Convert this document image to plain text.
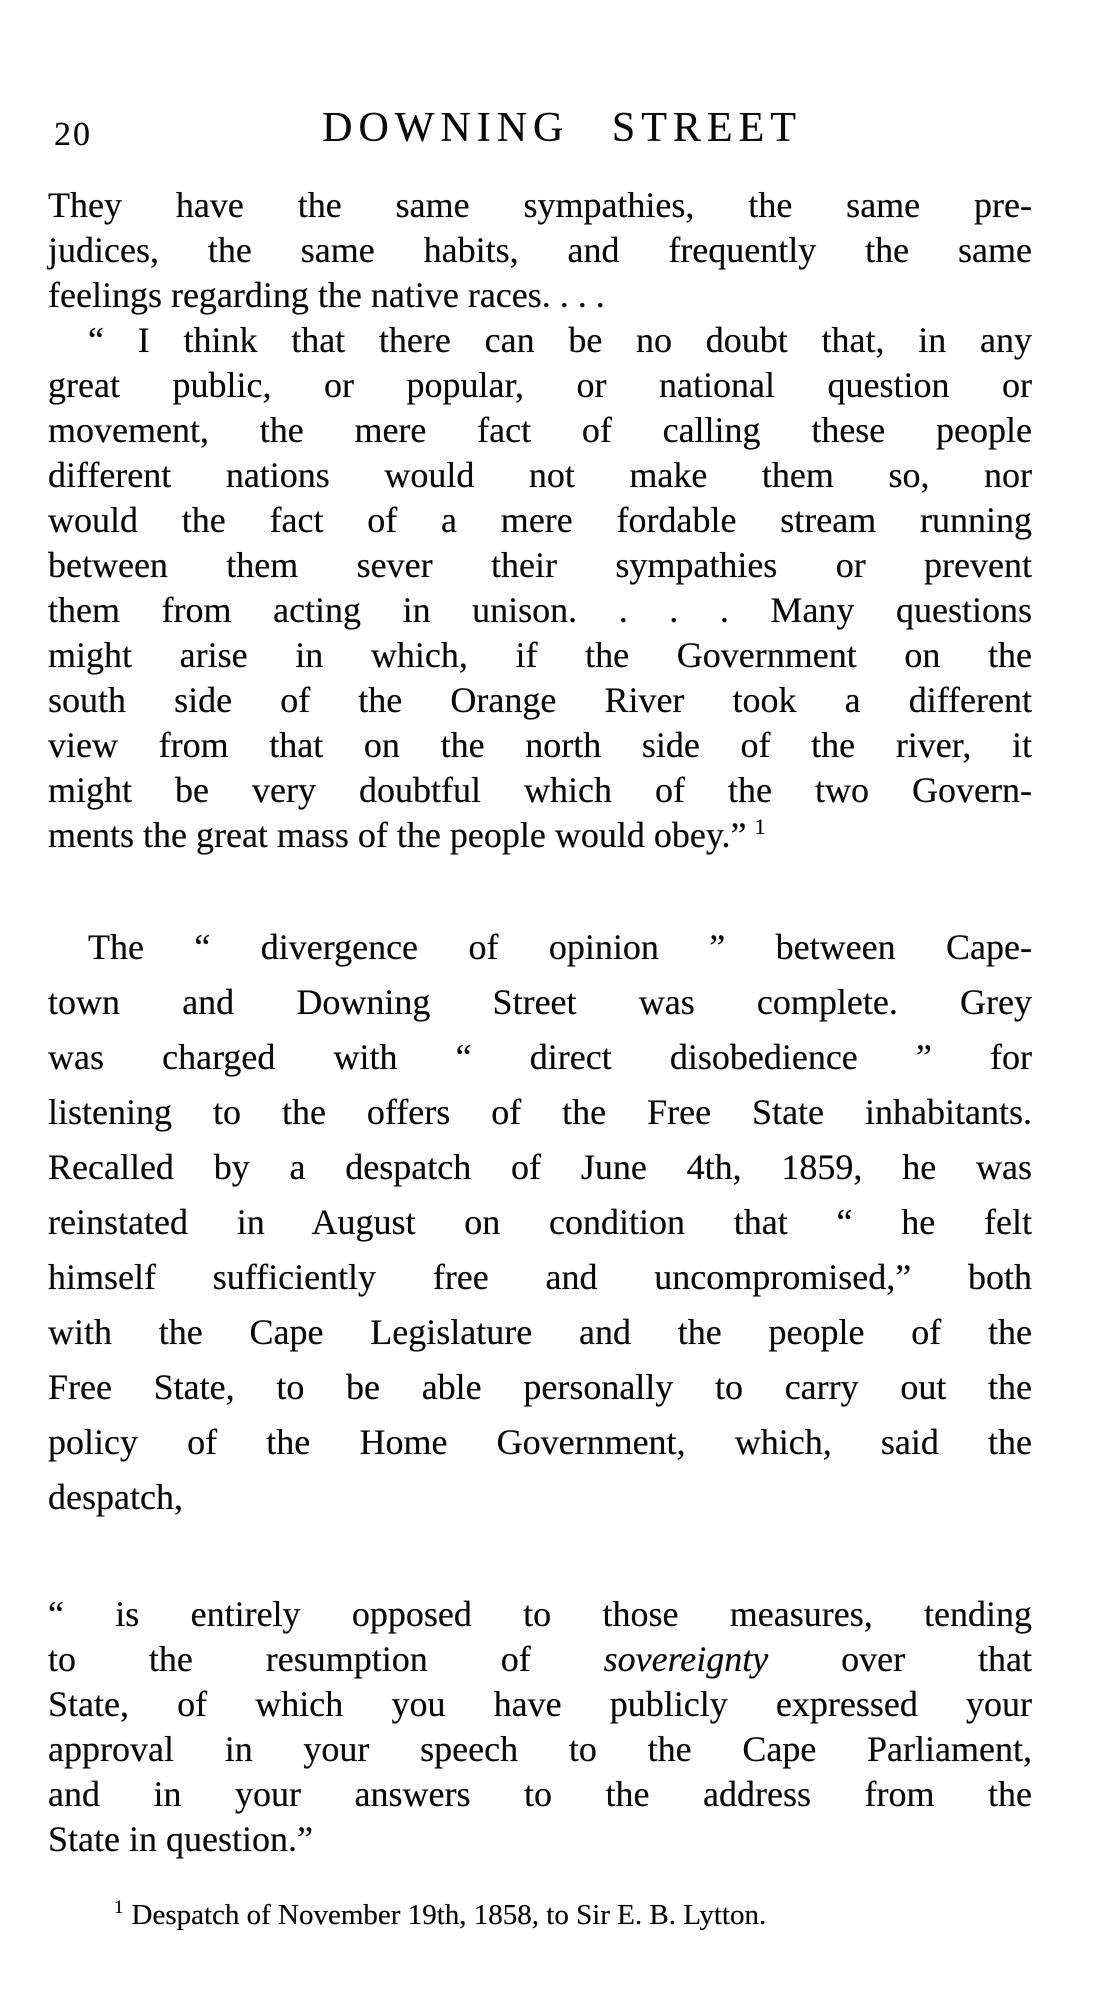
20	DOWNING STREET
They have the same sympathies, the same pre-
judices, the same habits, and frequently the same
feelings regarding the native races. . . .
“ I think that there can be no doubt that, in any
great public, or popular, or national question or
movement, the mere fact of calling these people
different nations would not make them so, nor
would the fact of a mere fordable stream running
between them sever their sympathies or prevent
them from acting in unison. . . . Many questions
might arise in which, if the Government on the
south side of the Orange River took a different
view from that on the north side of the river, it
might be very doubtful which of the two Govern-
ments the great mass of the people would obey.” $^1$
The “ divergence of opinion ” between Cape-
town and Downing Street was complete. Grey
was charged with “ direct disobedience ” for
listening to the offers of the Free State inhabitants.
Recalled by a despatch of June 4th, 1859, he was
reinstated in August on condition that “ he felt
himself sufficiently free and uncompromised,” both
with the Cape Legislature and the people of the
Free State, to be able personally to carry out the
policy of the Home Government, which, said the
despatch,
“ is entirely opposed to those measures, tending
to the resumption of sovereignty over that
State, of which you have publicly expressed your
approval in your speech to the Cape Parliament,
and in your answers to the address from the
State in question.”
$^1$ Despatch of November 19th, 1858, to Sir E. B. Lytton.
